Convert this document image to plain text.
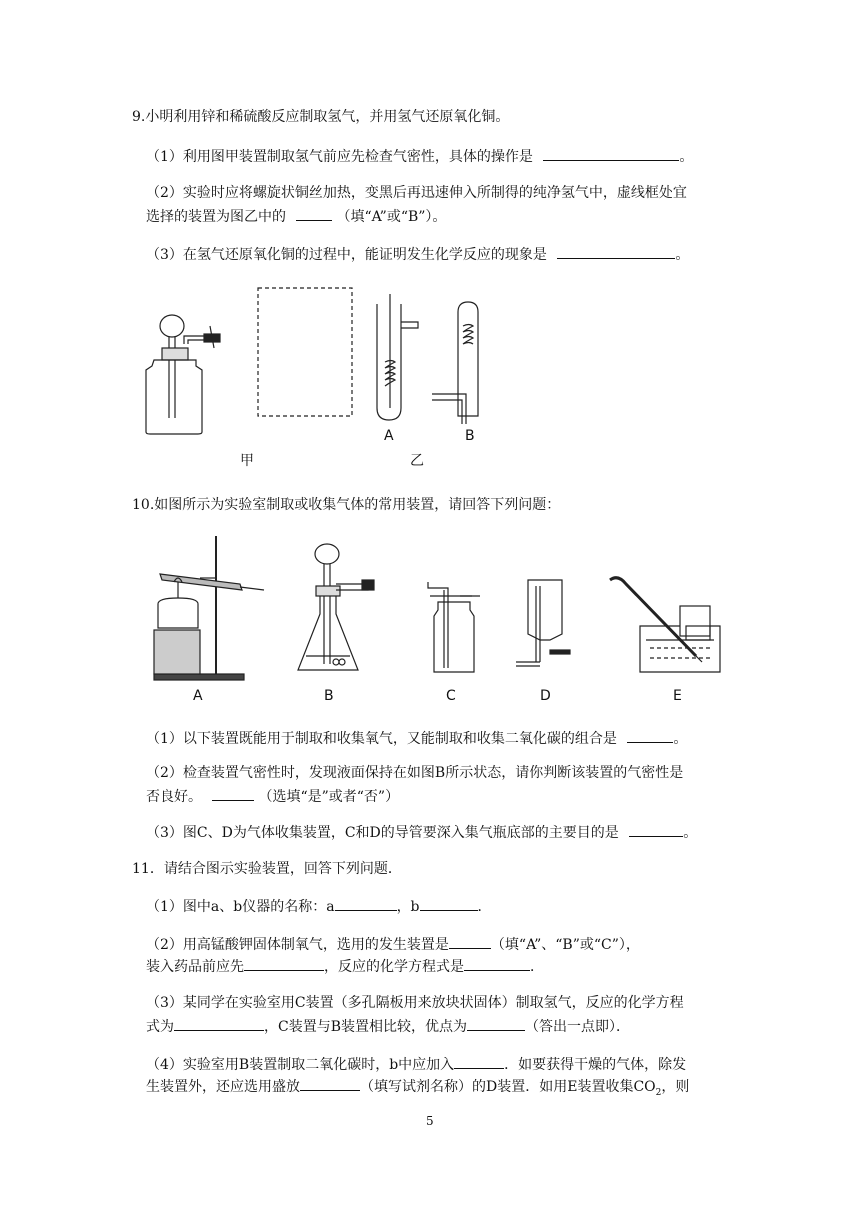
9.小明利用锌和稀硫酸反应制取氢气，并用氢气还原氧化铜。
（1）利用图甲装置制取氢气前应先检查气密性，具体的操作是	。
（2）实验时应将螺旋状铜丝加热，变黑后再迅速伸入所制得的纯净氢气中，虚线框处宜
选择的装置为图乙中的	（填“A”或“B”）。
（3）在氢气还原氧化铜的过程中，能证明发生化学反应的现象是	。
A	B
甲	乙
10.如图所示为实验室制取或收集气体的常用装置，请回答下列问题：
A	B	C	D	E
（1）以下装置既能用于制取和收集氧气，又能制取和收集二氧化碳的组合是	。
（2）检查装置气密性时，发现液面保持在如图B所示状态，请你判断该装置的气密性是
否良好。	（选填“是”或者“否”）
（3）图C、D为气体收集装置，C和D的导管要深入集气瓶底部的主要目的是	。
11．请结合图示实验装置，回答下列问题．
（1）图中a、b仪器的名称：a	，b	．
（2）用高锰酸钾固体制氧气，选用的发生装置是	（填“A”、“B”或“C”），
装入药品前应先	，反应的化学方程式是	．
（3）某同学在实验室用C装置（多孔隔板用来放块状固体）制取氢气，反应的化学方程
式为	，C装置与B装置相比较，优点为	（答出一点即）．
（4）实验室用B装置制取二氧化碳时，b中应加入	．如要获得干燥的气体，除发
生装置外，还应选用盛放	（填写试剂名称）的D装置．如用E装置收集$CO_2$，则
5
